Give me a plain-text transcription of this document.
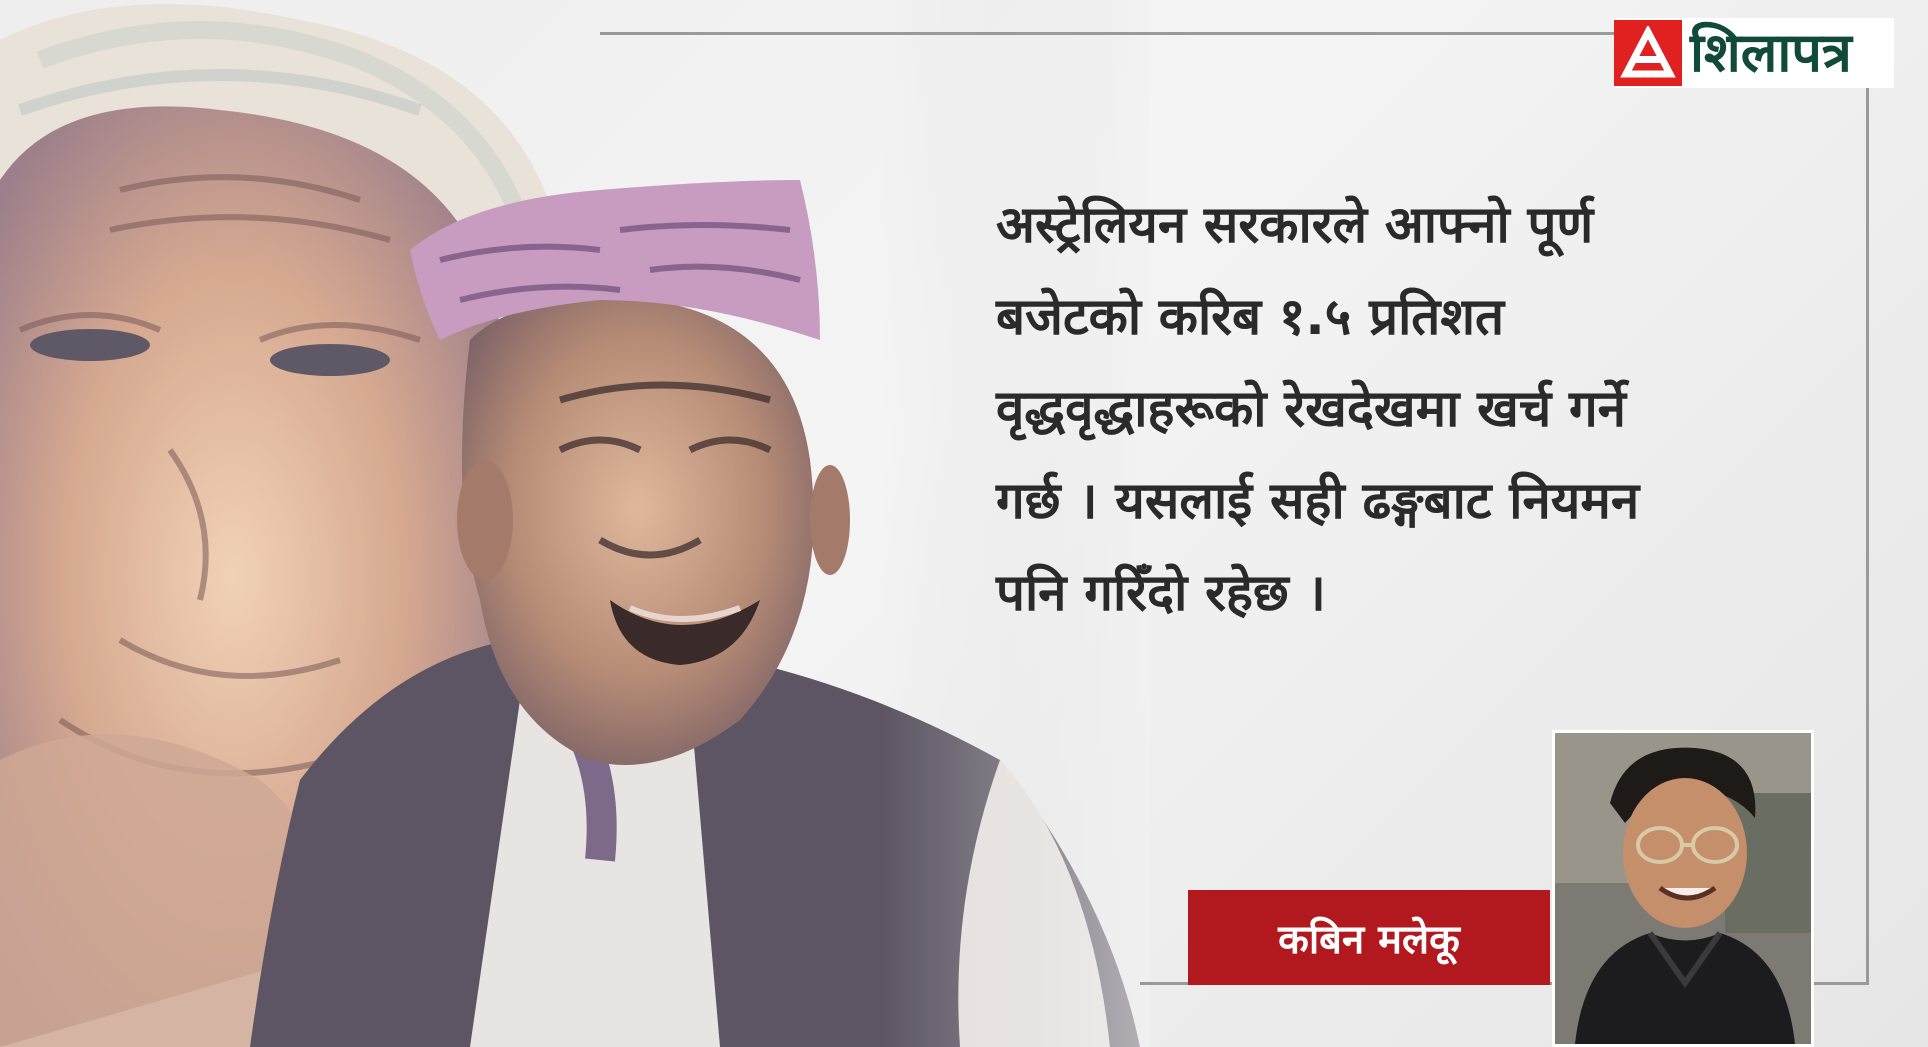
शिलापत्र
अस्ट्रेलियन सरकारले आफ्नो पूर्ण
बजेटको करिब १.५ प्रतिशत
वृद्धवृद्धाहरूको रेखदेखमा खर्च गर्ने
गर्छ । यसलाई सही ढङ्गबाट नियमन
पनि गरिँदो रहेछ ।
कबिन मलेकू
